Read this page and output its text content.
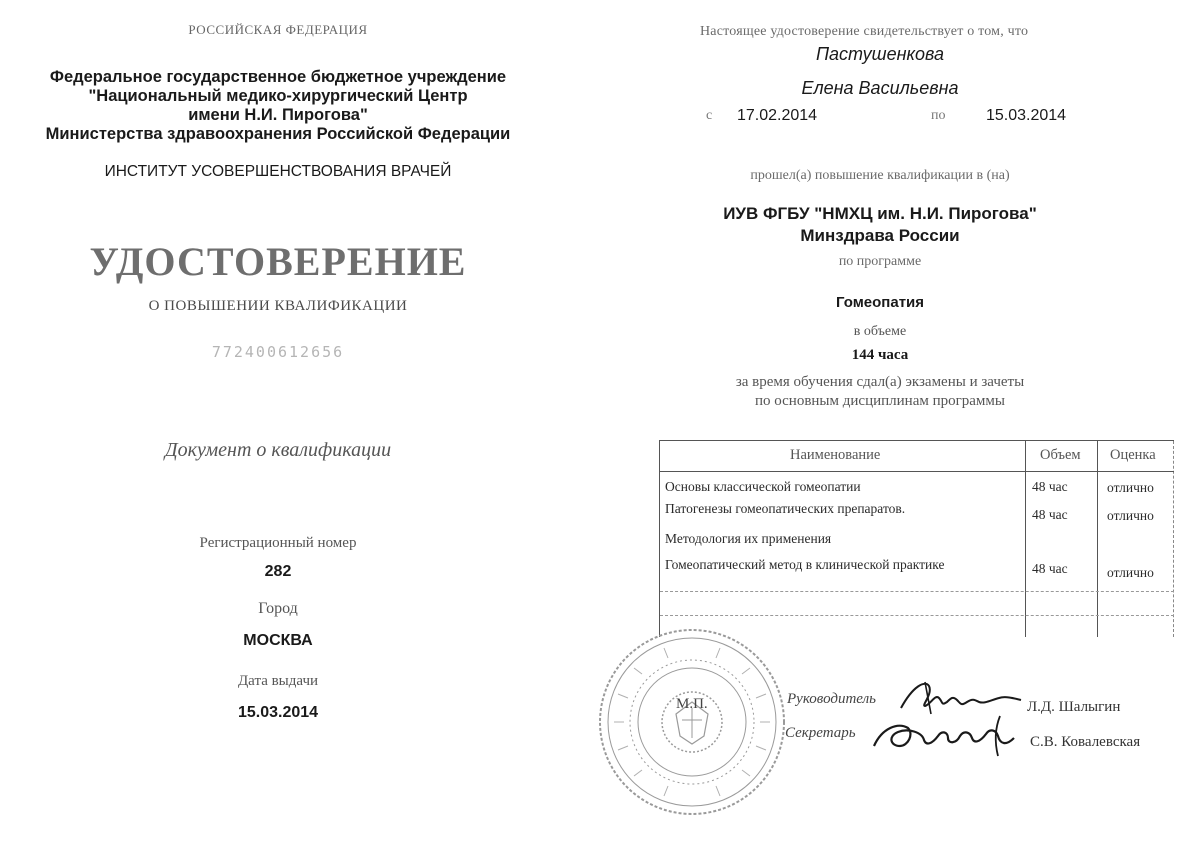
РОССИЙСКАЯ ФЕДЕРАЦИЯ
Федеральное государственное бюджетное учреждение
"Национальный медико-хирургический Центр
имени Н.И. Пирогова"
Министерства здравоохранения Российской Федерации
ИНСТИТУТ УСОВЕРШЕНСТВОВАНИЯ ВРАЧЕЙ
УДОСТОВЕРЕНИЕ
О ПОВЫШЕНИИ КВАЛИФИКАЦИИ
772400612656
Документ о квалификации
Регистрационный номер
282
Город
МОСКВА
Дата выдачи
15.03.2014
Настоящее удостоверение свидетельствует о том, что
Пастушенкова
Елена Васильевна
с 17.02.2014	по	15.03.2014
прошел(а) повышение квалификации в (на)
ИУВ ФГБУ "НМХЦ им. Н.И. Пирогова"
Минздрава России
по программе
Гомеопатия
в объеме
144 часа
за время обучения сдал(а) экзамены и зачеты
по основным дисциплинам программы
Наименование	Объем Оценка
Основы классической гомеопатии	48 час	отлично
Патогенезы гомеопатических препаратов.	48 час	отлично
Методология их применения
Гомеопатический метод в клинической практике	48 час	отлично
М.П.	Руководитель	Л.Д. Шалыгин
Секретарь
С.В. Ковалевская
